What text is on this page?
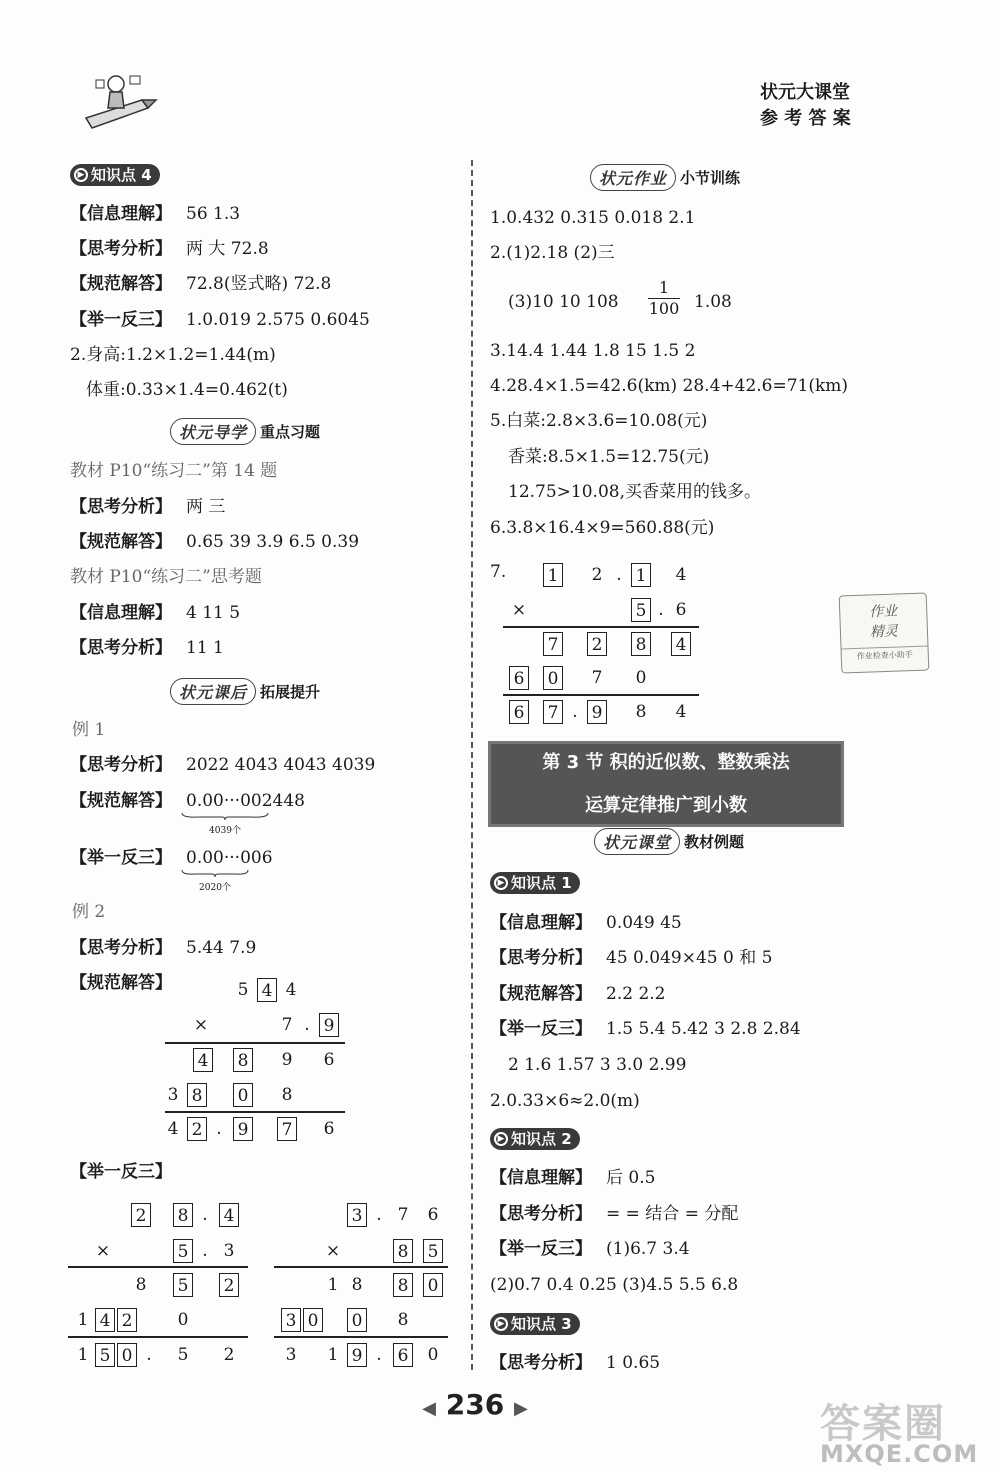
状元大课堂
参 考 答 案
▶ 知识点 4
【信息理解】 56 1.3
【思考分析】 两 大 72.8
【规范解答】 72.8(竖式略) 72.8
【举一反三】 1.0.019 2.575 0.6045
2.身高:1.2×1.2=1.44(m)
体重:0.33×1.4=0.462(t)
状元导学 重点习题
教材 P10“练习二”第 14 题
【思考分析】 两 三
【规范解答】 0.65 39 3.9 6.5 0.39
教材 P10“练习二”思考题
【信息理解】 4 11 5
【思考分析】 11 1
状元课后 拓展提升
例 1
【思考分析】 2022 4043 4043 4039
【规范解答】 0.00···002448
4039个
【举一反三】 0.00···006
2020个
例 2
【思考分析】 5.44 7.9
【规范解答】	5 4 4
×	7 . 9
4	8	9	6
3 8	0	8
4 2 . 9	7	6
【举一反三】
2	8 . 4
×	5 . 3
8	5	2
1 4 2	0
1 5 0 .	5	2
3 . 7	6
×	8	5
1 8	8	0
3 0	0	8
3	1 9 . 6	0
状元作业 小节训练
1.0.432 0.315 0.018 2.1
2.(1)2.18 (2)三
(3)10 10 108
1
100 1.08
3.14.4 1.44 1.8 15 1.5 2
4.28.4×1.5=42.6(km) 28.4+42.6=71(km)
5.白菜:2.8×3.6=10.08(元)
香菜:8.5×1.5=12.75(元)
12.75>10.08,买香菜用的钱多。
6.3.8×16.4×9=560.88(元)
7.	1	2 . 1	4
×	5 . 6
7	2	8	4
6	0	7	0
6	7 . 9	8	4
作业
精灵
作业检查小助手
第 3 节 积的近似数、整数乘法
运算定律推广到小数
状元课堂 教材例题
▶ 知识点 1
【信息理解】 0.049 45
【思考分析】 45 0.049×45 0 和 5
【规范解答】 2.2 2.2
【举一反三】 1.5 5.4 5.42 3 2.8 2.84
2 1.6 1.57 3 3.0 2.99
2.0.33×6≈2.0(m)
▶ 知识点 2
【信息理解】 后 0.5
【思考分析】 = = 结合 = 分配
【举一反三】 (1)6.7 3.4
(2)0.7 0.4 0.25 (3)4.5 5.5 6.8
▶ 知识点 3
【思考分析】 1 0.65
◀ 236 ▶	答案圈
MXQE.COM
